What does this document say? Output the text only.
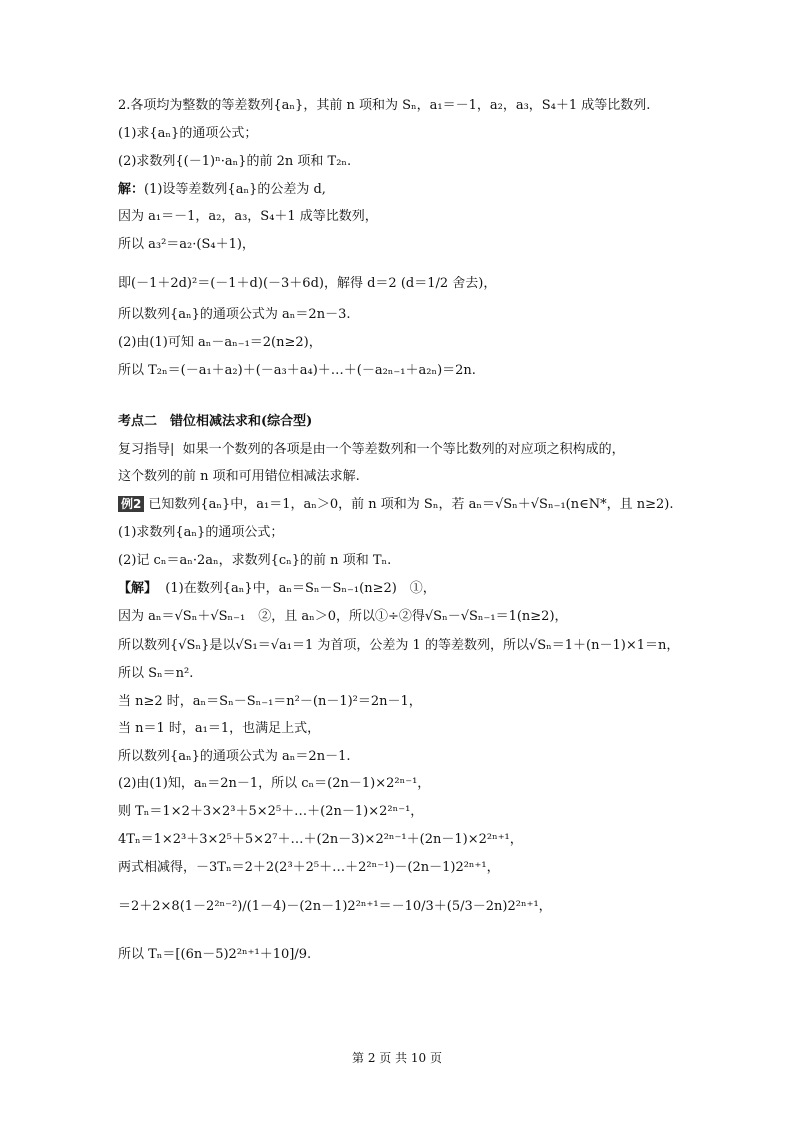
2.各项均为整数的等差数列{aₙ}，其前 n 项和为 Sₙ，a₁＝－1，a₂，a₃，S₄＋1 成等比数列.
(1)求{aₙ}的通项公式；
(2)求数列{(－1)ⁿ·aₙ}的前 2n 项和 T₂ₙ.
解：(1)设等差数列{aₙ}的公差为 d,
因为 a₁＝－1，a₂，a₃，S₄＋1 成等比数列，
所以 a₃²＝a₂·(S₄＋1)，
即(－1＋2d)²＝(－1＋d)(－3＋6d)，解得 d＝2 (d＝1/2 舍去)，
所以数列{aₙ}的通项公式为 aₙ＝2n－3.
(2)由(1)可知 aₙ－aₙ₋₁＝2(n≥2)，
所以 T₂ₙ＝(－a₁＋a₂)＋(－a₃＋a₄)＋…＋(－a₂ₙ₋₁＋a₂ₙ)＝2n.
考点二　错位相减法求和(综合型)
复习指导| 如果一个数列的各项是由一个等差数列和一个等比数列的对应项之积构成的，
这个数列的前 n 项和可用错位相减法求解.
例2 已知数列{aₙ}中，a₁＝1，aₙ＞0，前 n 项和为 Sₙ，若 aₙ＝√Sₙ＋√Sₙ₋₁(n∈N*，且 n≥2).
(1)求数列{aₙ}的通项公式；
(2)记 cₙ＝aₙ·2aₙ，求数列{cₙ}的前 n 项和 Tₙ.
【解】 (1)在数列{aₙ}中，aₙ＝Sₙ－Sₙ₋₁(n≥2)　①，
因为 aₙ＝√Sₙ＋√Sₙ₋₁　②，且 aₙ＞0，所以①÷②得√Sₙ－√Sₙ₋₁＝1(n≥2)，
所以数列{√Sₙ}是以√S₁＝√a₁＝1 为首项，公差为 1 的等差数列，所以√Sₙ＝1＋(n－1)×1＝n，
所以 Sₙ＝n².
当 n≥2 时，aₙ＝Sₙ－Sₙ₋₁＝n²－(n－1)²＝2n－1，
当 n＝1 时，a₁＝1，也满足上式，
所以数列{aₙ}的通项公式为 aₙ＝2n－1.
(2)由(1)知，aₙ＝2n－1，所以 cₙ＝(2n－1)×2²ⁿ⁻¹，
则 Tₙ＝1×2＋3×2³＋5×2⁵＋…＋(2n－1)×2²ⁿ⁻¹，
4Tₙ＝1×2³＋3×2⁵＋5×2⁷＋…＋(2n－3)×2²ⁿ⁻¹＋(2n－1)×2²ⁿ⁺¹，
两式相减得，－3Tₙ＝2＋2(2³＋2⁵＋…＋2²ⁿ⁻¹)－(2n－1)2²ⁿ⁺¹，
＝2＋2×8(1－2²ⁿ⁻²)/(1－4)－(2n－1)2²ⁿ⁺¹＝－10/3＋(5/3－2n)2²ⁿ⁺¹，
所以 Tₙ＝[(6n－5)2²ⁿ⁺¹＋10]/9.
第 2 页 共 10 页
